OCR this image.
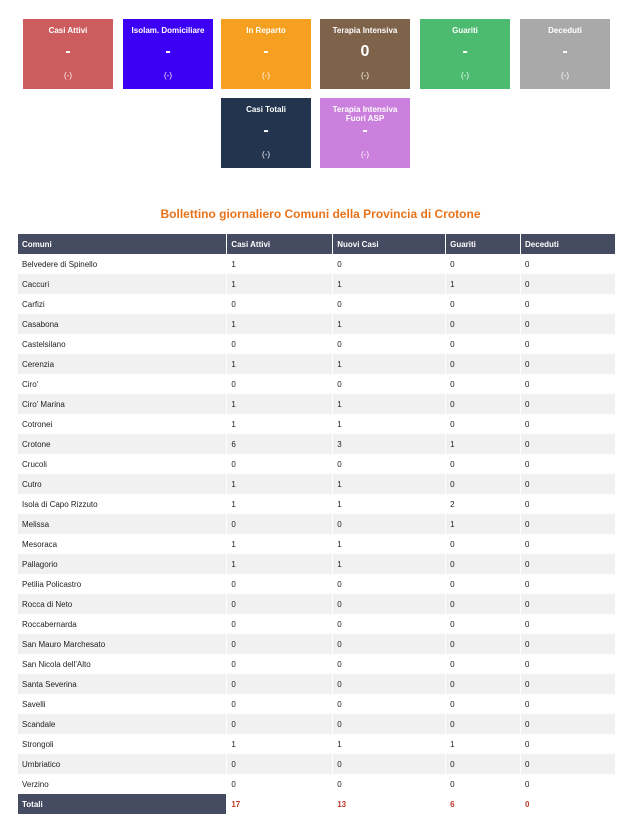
Casi Attivi
-
(-)
Isolam. Domiciliare
-
(-)
In Reparto
-
(-)
Terapia Intensiva
0
(-)
Guariti
-
(-)
Deceduti
-
(-)
Casi Totali
-
(-)
Terapia Intensiva Fuori ASP
-
(-)
Bollettino giornaliero Comuni della Provincia di Crotone
Comuni	Casi Attivi	Nuovi Casi	Guariti	Deceduti
Belvedere di Spinello	1	0	0	0
Caccuri	1	1	1	0
Carfizi	0	0	0	0
Casabona	1	1	0	0
Castelsilano	0	0	0	0
Cerenzia	1	1	0	0
Ciro'	0	0	0	0
Ciro' Marina	1	1	0	0
Cotronei	1	1	0	0
Crotone	6	3	1	0
Crucoli	0	0	0	0
Cutro	1	1	0	0
Isola di Capo Rizzuto	1	1	2	0
Melissa	0	0	1	0
Mesoraca	1	1	0	0
Pallagorio	1	1	0	0
Petilia Policastro	0	0	0	0
Rocca di Neto	0	0	0	0
Roccabernarda	0	0	0	0
San Mauro Marchesato	0	0	0	0
San Nicola dell'Alto	0	0	0	0
Santa Severina	0	0	0	0
Savelli	0	0	0	0
Scandale	0	0	0	0
Strongoli	1	1	1	0
Umbriatico	0	0	0	0
Verzino	0	0	0	0
Totali	17	13	6	0
